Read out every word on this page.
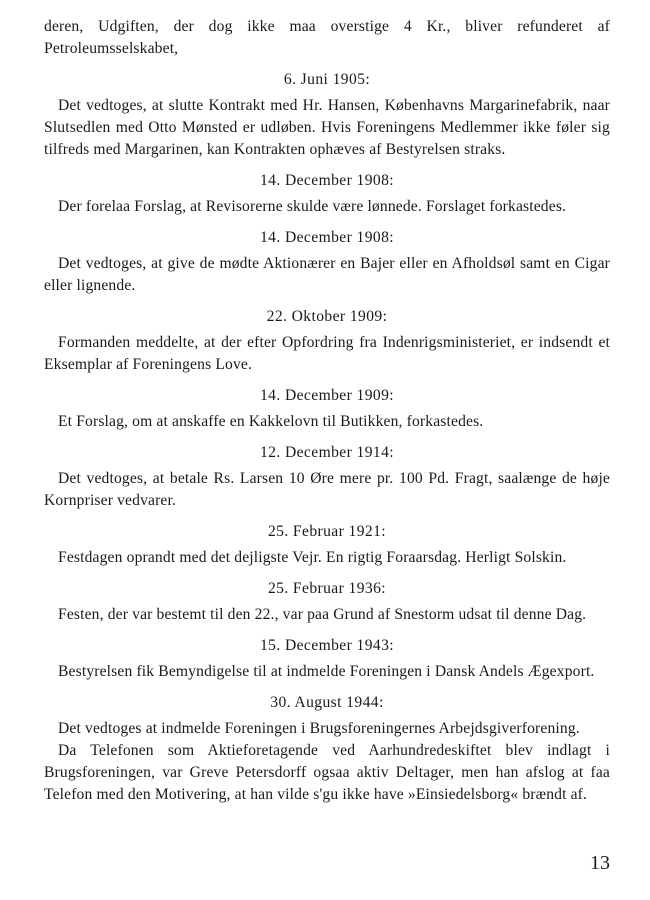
deren, Udgiften, der dog ikke maa overstige 4 Kr., bliver refunderet af Petroleumsselskabet,

6. Juni 1905:

Det vedtoges, at slutte Kontrakt med Hr. Hansen, Københavns Margarinefabrik, naar Slutsedlen med Otto Mønsted er udløben. Hvis Foreningens Medlemmer ikke føler sig tilfreds med Margarinen, kan Kontrakten ophæves af Bestyrelsen straks.

14. December 1908:

Der forelaa Forslag, at Revisorerne skulde være lønnede. Forslaget forkastedes.

14. December 1908:

Det vedtoges, at give de mødte Aktionærer en Bajer eller en Afholdsøl samt en Cigar eller lignende.

22. Oktober 1909:

Formanden meddelte, at der efter Opfordring fra Indenrigsministeriet, er indsendt et Eksemplar af Foreningens Love.

14. December 1909:

Et Forslag, om at anskaffe en Kakkelovn til Butikken, forkastedes.

12. December 1914:

Det vedtoges, at betale Rs. Larsen 10 Øre mere pr. 100 Pd. Fragt, saalænge de høje Kornpriser vedvarer.

25. Februar 1921:

Festdagen oprandt med det dejligste Vejr. En rigtig Foraarsdag. Herligt Solskin.

25. Februar 1936:

Festen, der var bestemt til den 22., var paa Grund af Snestorm udsat til denne Dag.

15. December 1943:

Bestyrelsen fik Bemyndigelse til at indmelde Foreningen i Dansk Andels Ægexport.

30. August 1944:

Det vedtoges at indmelde Foreningen i Brugsforeningernes Arbejdsgiverforening.

Da Telefonen som Aktieforetagende ved Aarhundredeskiftet blev indlagt i Brugsforeningen, var Greve Petersdorff ogsaa aktiv Deltager, men han afslog at faa Telefon med den Motivering, at han vilde s'gu ikke have »Einsiedelsborg« brændt af.

13
